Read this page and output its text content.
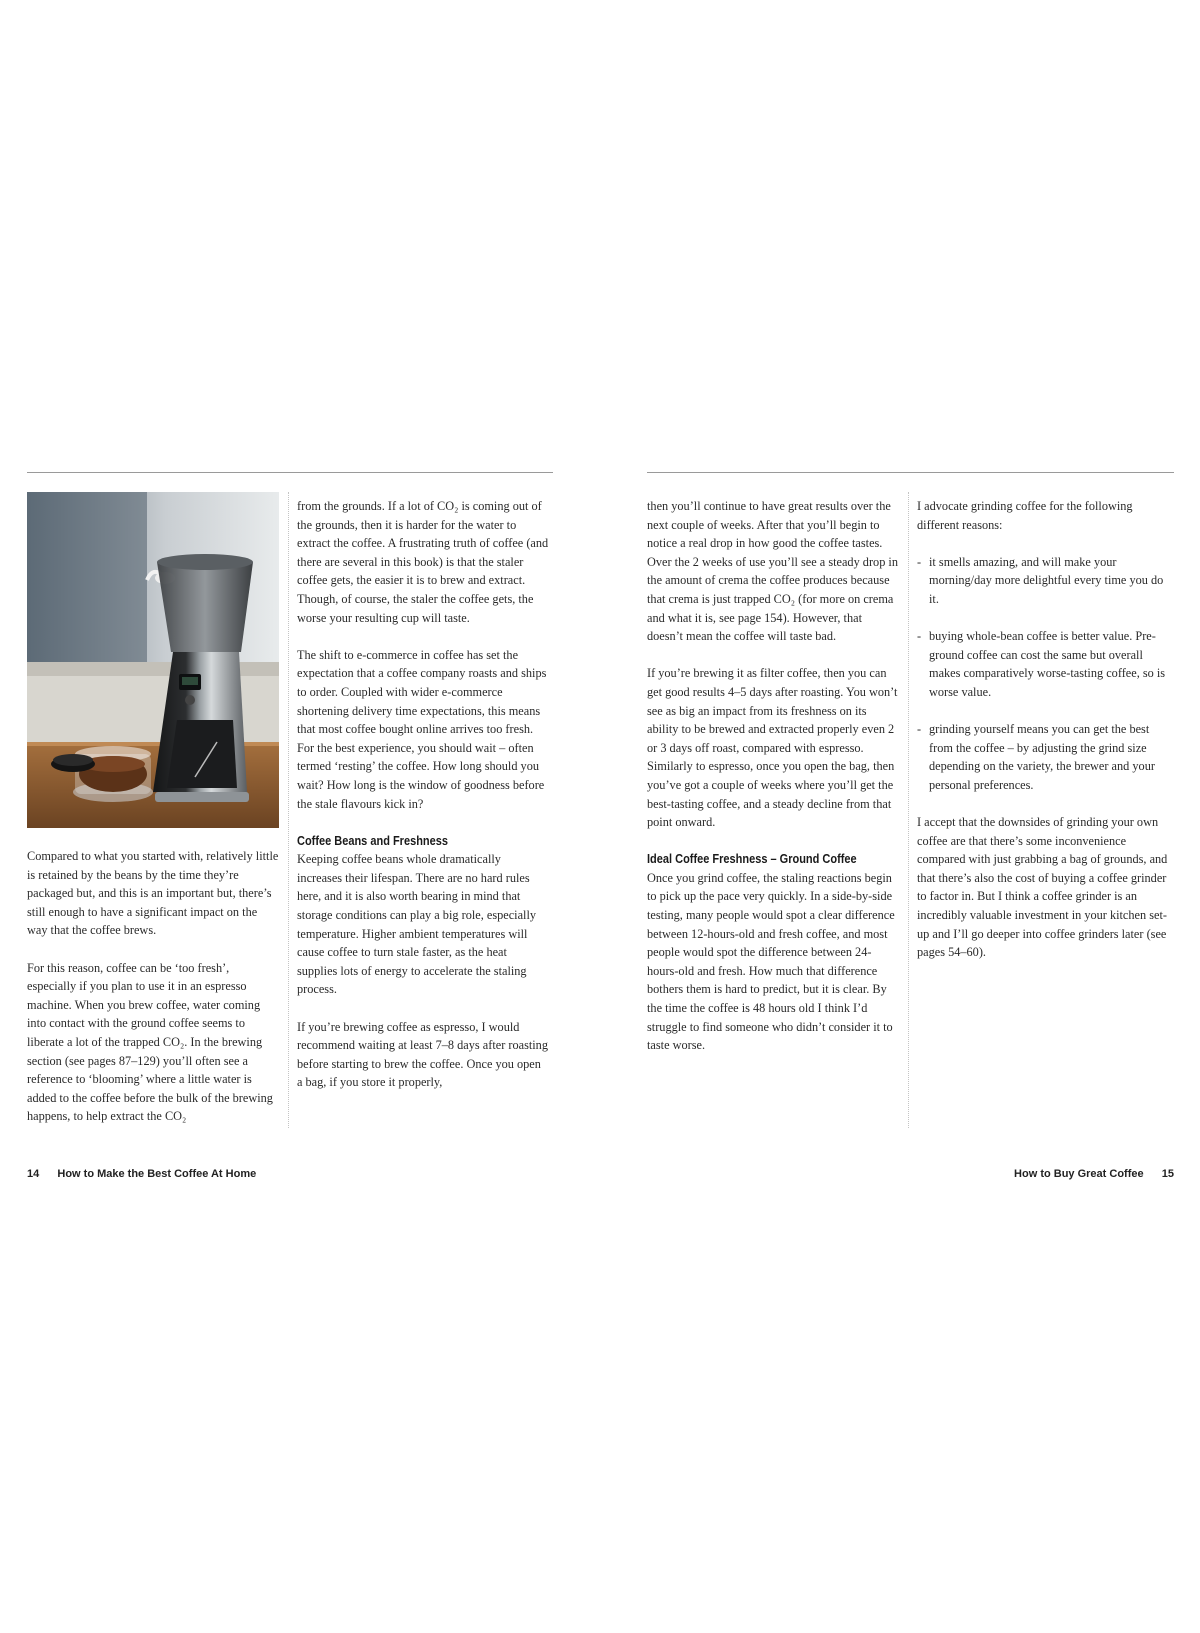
Compared to what you started with, relatively little is retained by the beans by the time they’re packaged but, and this is an important but, there’s still enough to have a significant impact on the way that the coffee brews.

For this reason, coffee can be ‘too fresh’, especially if you plan to use it in an espresso machine. When you brew coffee, water coming into contact with the ground coffee seems to liberate a lot of the trapped CO₂. In the brewing section (see pages 87–129) you’ll often see a reference to ‘blooming’ where a little water is added to the coffee before the bulk of the brewing happens, to help extract the CO₂

from the grounds. If a lot of CO₂ is coming out of the grounds, then it is harder for the water to extract the coffee. A frustrating truth of coffee (and there are several in this book) is that the staler coffee gets, the easier it is to brew and extract. Though, of course, the staler the coffee gets, the worse your resulting cup will taste.

The shift to e-commerce in coffee has set the expectation that a coffee company roasts and ships to order. Coupled with wider e-commerce shortening delivery time expectations, this means that most coffee bought online arrives too fresh. For the best experience, you should wait – often termed ‘resting’ the coffee. How long should you wait? How long is the window of goodness before the stale flavours kick in?

Coffee Beans and Freshness

Keeping coffee beans whole dramatically increases their lifespan. There are no hard rules here, and it is also worth bearing in mind that storage conditions can play a big role, especially temperature. Higher ambient temperatures will cause coffee to turn stale faster, as the heat supplies lots of energy to accelerate the staling process.

If you’re brewing coffee as espresso, I would recommend waiting at least 7–8 days after roasting before starting to brew the coffee. Once you open a bag, if you store it properly,

then you’ll continue to have great results over the next couple of weeks. After that you’ll begin to notice a real drop in how good the coffee tastes. Over the 2 weeks of use you’ll see a steady drop in the amount of crema the coffee produces because that crema is just trapped CO₂ (for more on crema and what it is, see page 154). However, that doesn’t mean the coffee will taste bad.

If you’re brewing it as filter coffee, then you can get good results 4–5 days after roasting. You won’t see as big an impact from its freshness on its ability to be brewed and extracted properly even 2 or 3 days off roast, compared with espresso. Similarly to espresso, once you open the bag, then you’ve got a couple of weeks where you’ll get the best-tasting coffee, and a steady decline from that point onward.

Ideal Coffee Freshness – Ground Coffee

Once you grind coffee, the staling reactions begin to pick up the pace very quickly. In a side-by-side testing, many people would spot a clear difference between 12-hours-old and fresh coffee, and most people would spot the difference between 24-hours-old and fresh. How much that difference bothers them is hard to predict, but it is clear. By the time the coffee is 48 hours old I think I’d struggle to find someone who didn’t consider it to taste worse.

I advocate grinding coffee for the following different reasons:

- it smells amazing, and will make your morning/day more delightful every time you do it.
- buying whole-bean coffee is better value. Pre-ground coffee can cost the same but overall makes comparatively worse-tasting coffee, so is worse value.
- grinding yourself means you can get the best from the coffee – by adjusting the grind size depending on the variety, the brewer and your personal preferences.

I accept that the downsides of grinding your own coffee are that there’s some inconvenience compared with just grabbing a bag of grounds, and that there’s also the cost of buying a coffee grinder to factor in. But I think a coffee grinder is an incredibly valuable investment in your kitchen set-up and I’ll go deeper into coffee grinders later (see pages 54–60).

14 How to Make the Best Coffee At Home	How to Buy Great Coffee 15
